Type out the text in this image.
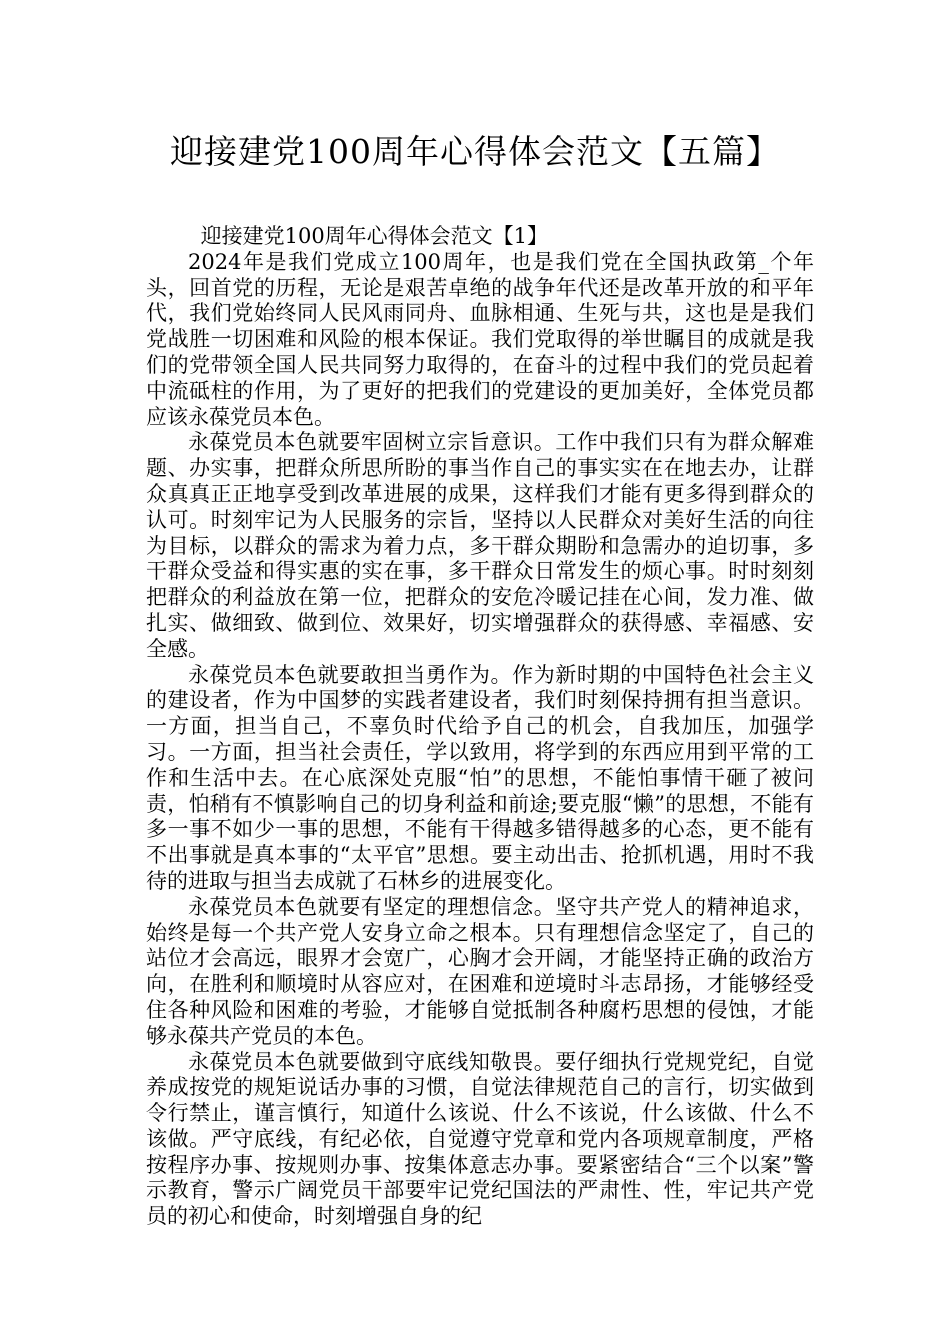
迎接建党100周年心得体会范文【五篇】
迎接建党100周年心得体会范文【1】

2024年是我们党成立100周年，也是我们党在全国执政第_个年头，回首党的历程，无论是艰苦卓绝的战争年代还是改革开放的和平年代，我们党始终同人民风雨同舟、血脉相通、生死与共，这也是是我们党战胜一切困难和风险的根本保证。我们党取得的举世瞩目的成就是我们的党带领全国人民共同努力取得的，在奋斗的过程中我们的党员起着中流砥柱的作用，为了更好的把我们的党建设的更加美好，全体党员都应该永葆党员本色。

永葆党员本色就要牢固树立宗旨意识。工作中我们只有为群众解难题、办实事，把群众所思所盼的事当作自己的事实实在在地去办，让群众真真正正地享受到改革进展的成果，这样我们才能有更多得到群众的认可。时刻牢记为人民服务的宗旨，坚持以人民群众对美好生活的向往为目标，以群众的需求为着力点，多干群众期盼和急需办的迫切事，多干群众受益和得实惠的实在事，多干群众日常发生的烦心事。时时刻刻把群众的利益放在第一位，把群众的安危冷暖记挂在心间，发力准、做扎实、做细致、做到位、效果好，切实增强群众的获得感、幸福感、安全感。

永葆党员本色就要敢担当勇作为。作为新时期的中国特色社会主义的建设者，作为中国梦的实践者建设者，我们时刻保持拥有担当意识。一方面，担当自己，不辜负时代给予自己的机会，自我加压，加强学习。一方面，担当社会责任，学以致用，将学到的东西应用到平常的工作和生活中去。在心底深处克服“怕”的思想，不能怕事情干砸了被问责，怕稍有不慎影响自己的切身利益和前途;要克服“懒”的思想，不能有多一事不如少一事的思想，不能有干得越多错得越多的心态，更不能有不出事就是真本事的“太平官”思想。要主动出击、抢抓机遇，用时不我待的进取与担当去成就了石林乡的进展变化。

永葆党员本色就要有坚定的理想信念。坚守共产党人的精神追求，始终是每一个共产党人安身立命之根本。只有理想信念坚定了，自己的站位才会高远，眼界才会宽广，心胸才会开阔，才能坚持正确的政治方向，在胜利和顺境时从容应对，在困难和逆境时斗志昂扬，才能够经受住各种风险和困难的考验，才能够自觉抵制各种腐朽思想的侵蚀，才能够永葆共产党员的本色。

永葆党员本色就要做到守底线知敬畏。要仔细执行党规党纪，自觉养成按党的规矩说话办事的习惯，自觉法律规范自己的言行，切实做到令行禁止，谨言慎行，知道什么该说、什么不该说，什么该做、什么不该做。严守底线，有纪必依，自觉遵守党章和党内各项规章制度，严格按程序办事、按规则办事、按集体意志办事。要紧密结合“三个以案”警示教育，警示广阔党员干部要牢记党纪国法的严肃性、性，牢记共产党员的初心和使命，时刻增强自身的纪
